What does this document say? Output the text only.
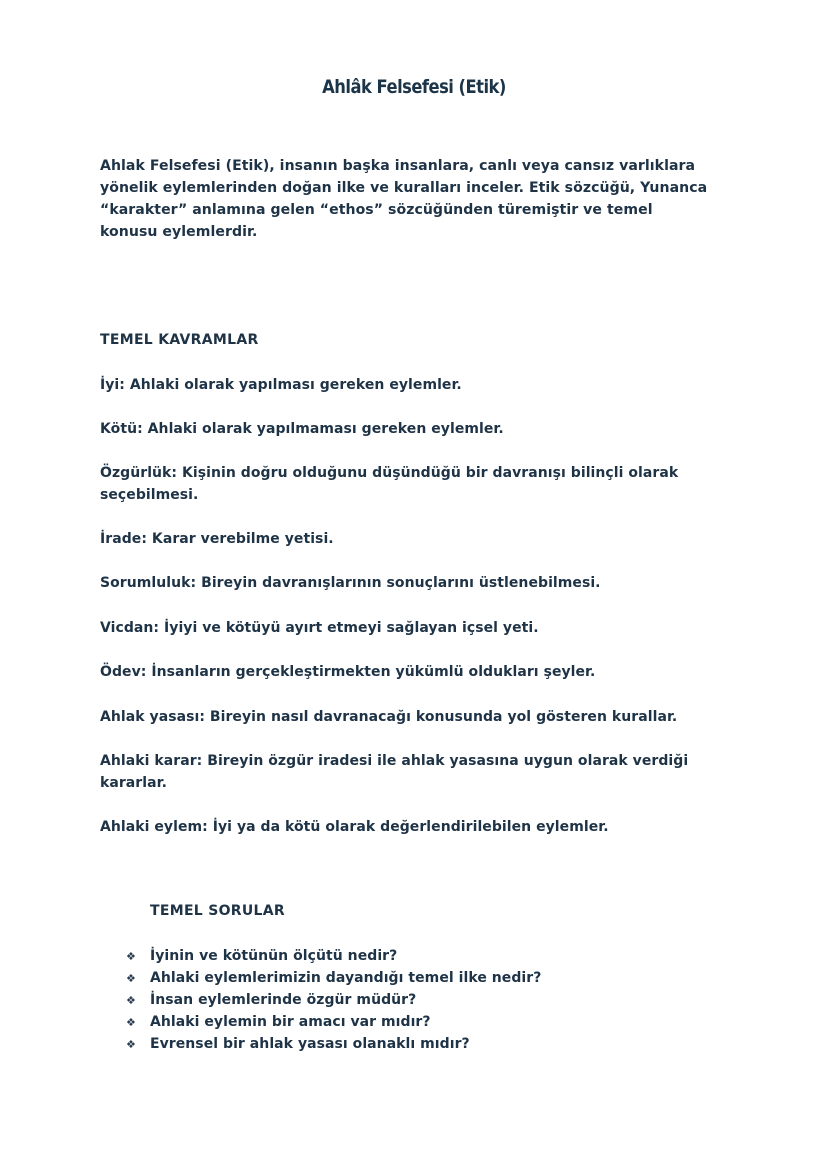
Ahlâk Felsefesi (Etik)

Ahlak Felsefesi (Etik), insanın başka insanlara, canlı veya cansız varlıklara yönelik eylemlerinden doğan ilke ve kuralları inceler. Etik sözcüğü, Yunanca “karakter” anlamına gelen “ethos” sözcüğünden türemiştir ve temel konusu eylemlerdir.

TEMEL KAVRAMLAR

İyi: Ahlaki olarak yapılması gereken eylemler.

Kötü: Ahlaki olarak yapılmaması gereken eylemler.

Özgürlük: Kişinin doğru olduğunu düşündüğü bir davranışı bilinçli olarak seçebilmesi.

İrade: Karar verebilme yetisi.

Sorumluluk: Bireyin davranışlarının sonuçlarını üstlenebilmesi.

Vicdan: İyiyi ve kötüyü ayırt etmeyi sağlayan içsel yeti.

Ödev: İnsanların gerçekleştirmekten yükümlü oldukları şeyler.

Ahlak yasası: Bireyin nasıl davranacağı konusunda yol gösteren kurallar.

Ahlaki karar: Bireyin özgür iradesi ile ahlak yasasına uygun olarak verdiği kararlar.

Ahlaki eylem: İyi ya da kötü olarak değerlendirilebilen eylemler.

TEMEL SORULAR
❖	İyinin ve kötünün ölçütü nedir?
❖	Ahlaki eylemlerimizin dayandığı temel ilke nedir?
❖	İnsan eylemlerinde özgür müdür?
❖	Ahlaki eylemin bir amacı var mıdır?
❖	Evrensel bir ahlak yasası olanaklı mıdır?
